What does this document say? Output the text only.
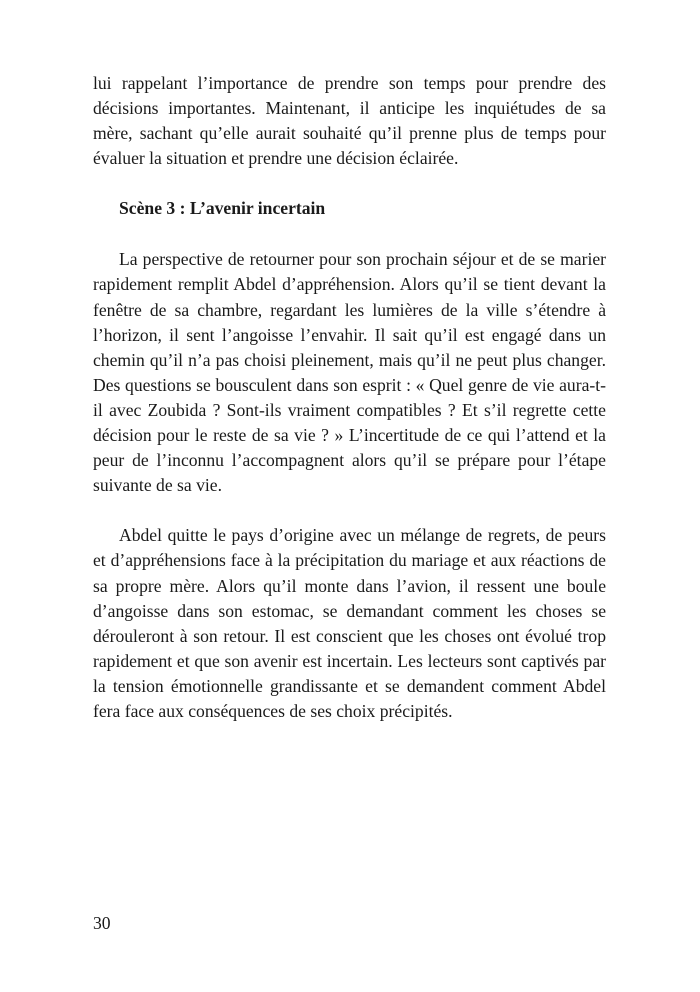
lui rappelant l’importance de prendre son temps pour prendre des décisions importantes. Maintenant, il anticipe les inquiétudes de sa mère, sachant qu’elle aurait souhaité qu’il prenne plus de temps pour évaluer la situation et prendre une décision éclairée.

Scène 3 : L’avenir incertain

La perspective de retourner pour son prochain séjour et de se marier rapidement remplit Abdel d’appréhension. Alors qu’il se tient devant la fenêtre de sa chambre, regardant les lumières de la ville s’étendre à l’horizon, il sent l’angoisse l’envahir. Il sait qu’il est engagé dans un chemin qu’il n’a pas choisi pleinement, mais qu’il ne peut plus changer. Des questions se bousculent dans son esprit : « Quel genre de vie aura-t-il avec Zoubida ? Sont-ils vraiment compatibles ? Et s’il regrette cette décision pour le reste de sa vie ? » L’incertitude de ce qui l’attend et la peur de l’inconnu l’accompagnent alors qu’il se prépare pour l’étape suivante de sa vie.

Abdel quitte le pays d’origine avec un mélange de regrets, de peurs et d’appréhensions face à la précipitation du mariage et aux réactions de sa propre mère. Alors qu’il monte dans l’avion, il ressent une boule d’angoisse dans son estomac, se demandant comment les choses se dérouleront à son retour. Il est conscient que les choses ont évolué trop rapidement et que son avenir est incertain. Les lecteurs sont captivés par la tension émotionnelle grandissante et se demandent comment Abdel fera face aux conséquences de ses choix précipités.

30
